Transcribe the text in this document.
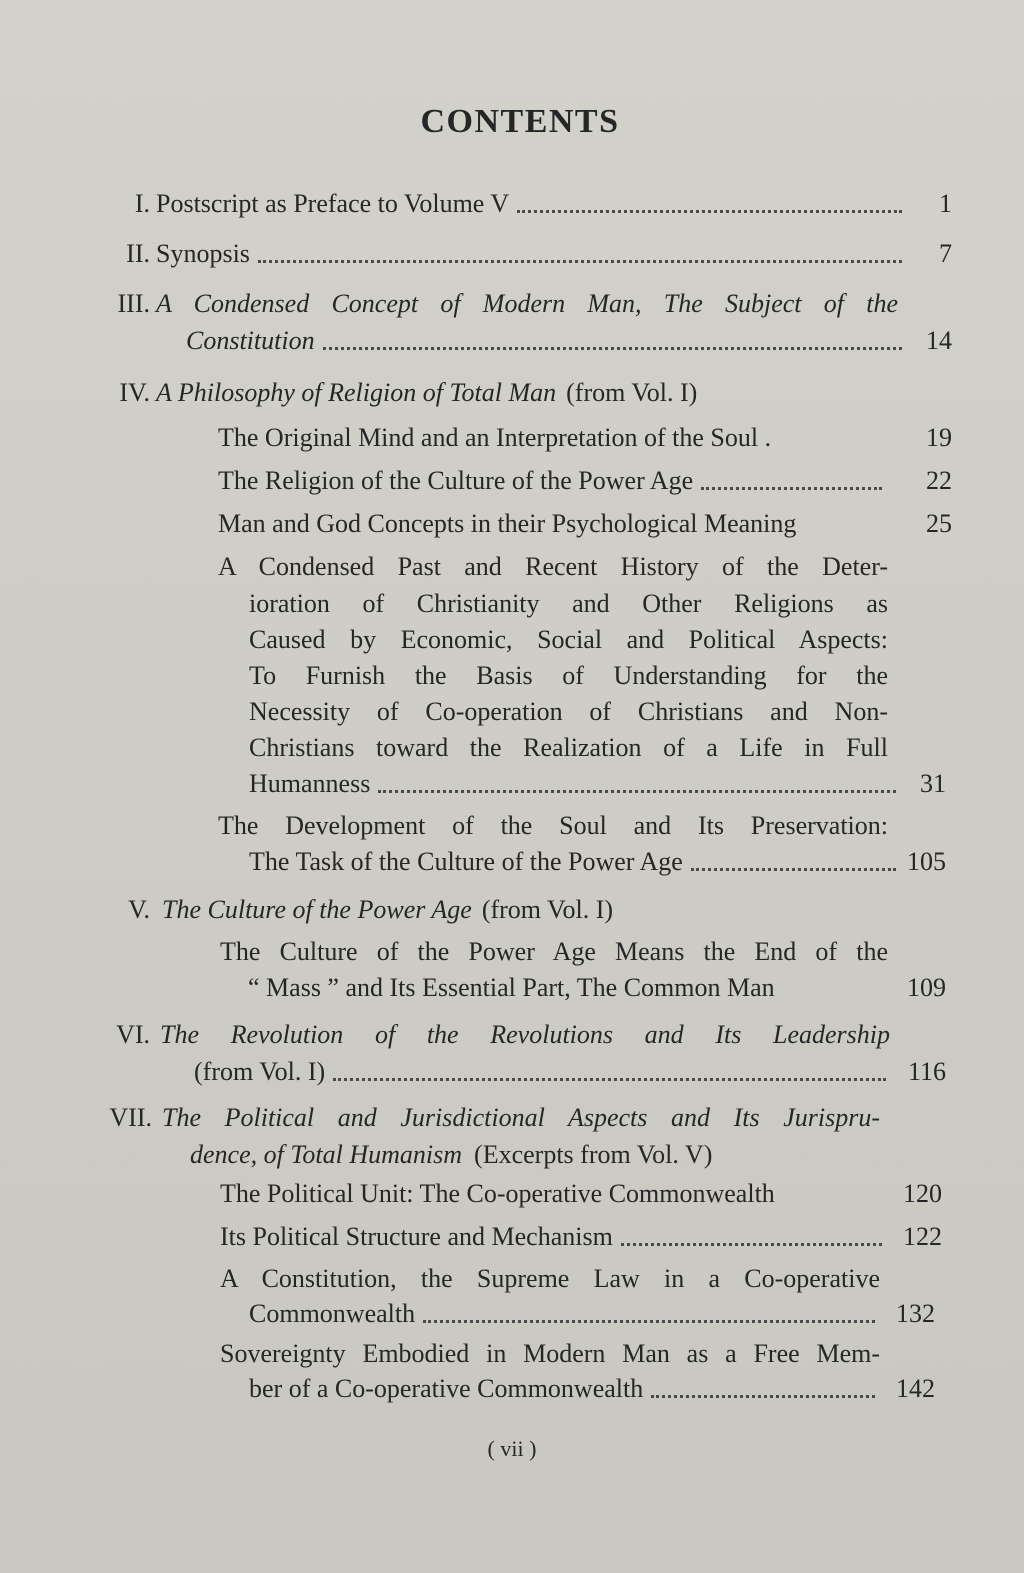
CONTENTS
I. Postscript as Preface to Volume V	1
II. Synopsis	7
III. A Condensed Concept of Modern Man, The Subject of the
Constitution	14
IV. A Philosophy of Religion of Total Man (from Vol. I)
The Original Mind and an Interpretation of the Soul .	19
The Religion of the Culture of the Power Age	22
Man and God Concepts in their Psychological Meaning	25
A Condensed Past and Recent History of the Deter-
ioration of Christianity and Other Religions as
Caused by Economic, Social and Political Aspects:
To Furnish the Basis of Understanding for the
Necessity of Co-operation of Christians and Non-
Christians toward the Realization of a Life in Full
Humanness	31
The Development of the Soul and Its Preservation:
The Task of the Culture of the Power Age	105
V. The Culture of the Power Age (from Vol. I)
The Culture of the Power Age Means the End of the
“ Mass ” and Its Essential Part, The Common Man	109
VI. The Revolution of the Revolutions and Its Leadership
(from Vol. I)	116
VII. The Political and Jurisdictional Aspects and Its Jurispru-
dence, of Total Humanism (Excerpts from Vol. V)
The Political Unit: The Co-operative Commonwealth	120
Its Political Structure and Mechanism	122
A Constitution, the Supreme Law in a Co-operative
Commonwealth	132
Sovereignty Embodied in Modern Man as a Free Mem-
ber of a Co-operative Commonwealth	142
( vii )
